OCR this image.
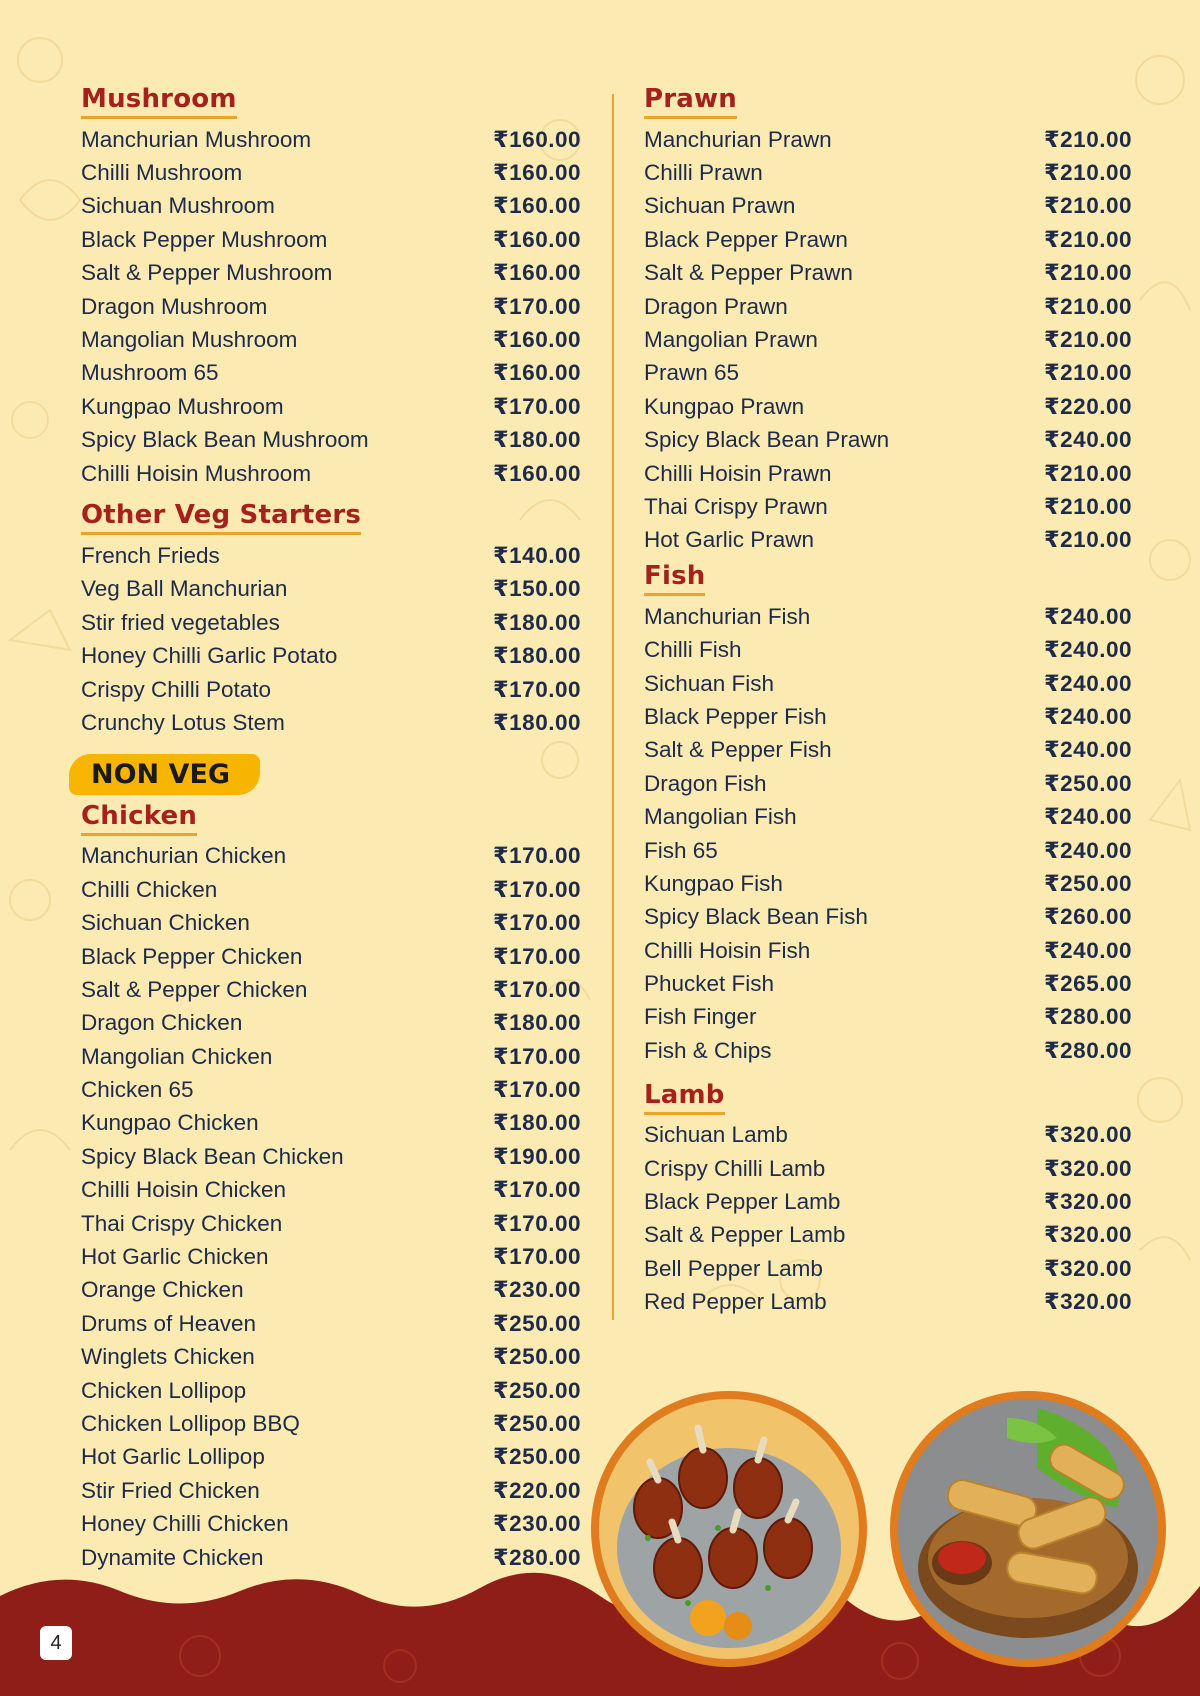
Mushroom
Manchurian Mushroom	₹160.00
Chilli Mushroom	₹160.00
Sichuan Mushroom	₹160.00
Black Pepper Mushroom	₹160.00
Salt & Pepper Mushroom	₹160.00
Dragon Mushroom	₹170.00
Mangolian Mushroom	₹160.00
Mushroom 65	₹160.00
Kungpao Mushroom	₹170.00
Spicy Black Bean Mushroom	₹180.00
Chilli Hoisin Mushroom	₹160.00
Other Veg Starters
French Frieds	₹140.00
Veg Ball Manchurian	₹150.00
Stir fried vegetables	₹180.00
Honey Chilli Garlic Potato	₹180.00
Crispy Chilli Potato	₹170.00
Crunchy Lotus Stem	₹180.00
NON VEG
Chicken
Manchurian Chicken	₹170.00
Chilli Chicken	₹170.00
Sichuan Chicken	₹170.00
Black Pepper Chicken	₹170.00
Salt & Pepper Chicken	₹170.00
Dragon Chicken	₹180.00
Mangolian Chicken	₹170.00
Chicken 65	₹170.00
Kungpao Chicken	₹180.00
Spicy Black Bean Chicken	₹190.00
Chilli Hoisin Chicken	₹170.00
Thai Crispy Chicken	₹170.00
Hot Garlic Chicken	₹170.00
Orange Chicken	₹230.00
Drums of Heaven	₹250.00
Winglets Chicken	₹250.00
Chicken Lollipop	₹250.00
Chicken Lollipop BBQ	₹250.00
Hot Garlic Lollipop	₹250.00
Stir Fried Chicken	₹220.00
Honey Chilli Chicken	₹230.00
Dynamite Chicken	₹280.00
Prawn
Manchurian Prawn	₹210.00
Chilli Prawn	₹210.00
Sichuan Prawn	₹210.00
Black Pepper Prawn	₹210.00
Salt & Pepper Prawn	₹210.00
Dragon Prawn	₹210.00
Mangolian Prawn	₹210.00
Prawn 65	₹210.00
Kungpao Prawn	₹220.00
Spicy Black Bean Prawn	₹240.00
Chilli Hoisin Prawn	₹210.00
Thai Crispy Prawn	₹210.00
Hot Garlic Prawn	₹210.00
Fish
Manchurian Fish	₹240.00
Chilli Fish	₹240.00
Sichuan Fish	₹240.00
Black Pepper Fish	₹240.00
Salt & Pepper Fish	₹240.00
Dragon Fish	₹250.00
Mangolian Fish	₹240.00
Fish 65	₹240.00
Kungpao Fish	₹250.00
Spicy Black Bean Fish	₹260.00
Chilli Hoisin Fish	₹240.00
Phucket Fish	₹265.00
Fish Finger	₹280.00
Fish & Chips	₹280.00
Lamb
Sichuan Lamb	₹320.00
Crispy Chilli Lamb	₹320.00
Black Pepper Lamb	₹320.00
Salt & Pepper Lamb	₹320.00
Bell Pepper Lamb	₹320.00
Red Pepper Lamb	₹320.00
4
